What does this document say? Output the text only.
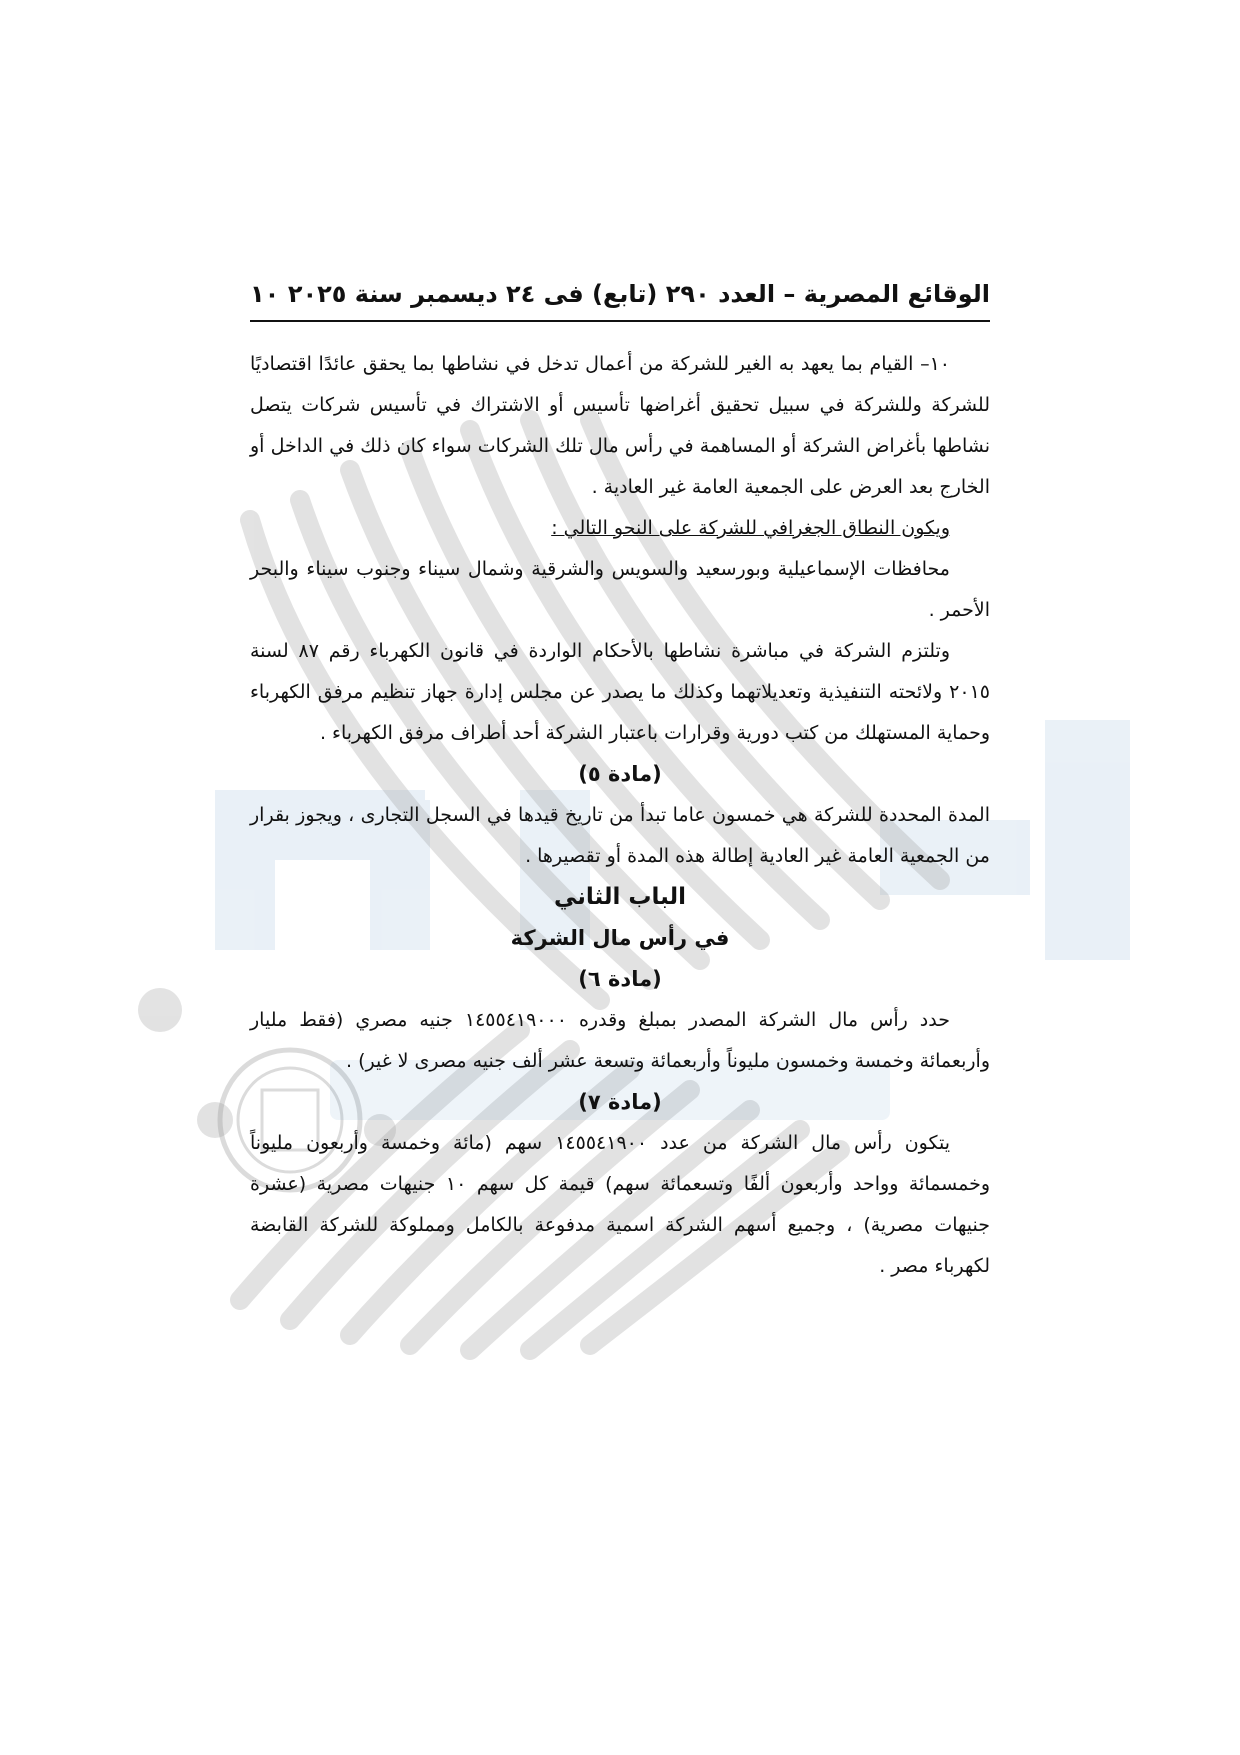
الوقائع المصرية – العدد ٢٩٠ (تابع) فى ٢٤ ديسمبر سنة ٢٠٢٥
١٠

١٠– القيام بما يعهد به الغير للشركة من أعمال تدخل في نشاطها بما يحقق عائدًا اقتصاديًا للشركة وللشركة في سبيل تحقيق أغراضها تأسيس أو الاشتراك في تأسيس شركات يتصل نشاطها بأغراض الشركة أو المساهمة في رأس مال تلك الشركات سواء كان ذلك في الداخل أو الخارج بعد العرض على الجمعية العامة غير العادية .

ويكون النطاق الجغرافي للشركة على النحو التالي :

محافظات الإسماعيلية وبورسعيد والسويس والشرقية وشمال سيناء وجنوب سيناء والبحر الأحمر .

وتلتزم الشركة في مباشرة نشاطها بالأحكام الواردة في قانون الكهرباء رقم ٨٧ لسنة ٢٠١٥ ولائحته التنفيذية وتعديلاتهما وكذلك ما يصدر عن مجلس إدارة جهاز تنظيم مرفق الكهرباء وحماية المستهلك من كتب دورية وقرارات باعتبار الشركة أحد أطراف مرفق الكهرباء .

(مادة ٥)

المدة المحددة للشركة هي خمسون عاما تبدأ من تاريخ قيدها في السجل التجارى ، ويجوز بقرار من الجمعية العامة غير العادية إطالة هذه المدة أو تقصيرها .

الباب الثاني

في رأس مال الشركة

(مادة ٦)

حدد رأس مال الشركة المصدر بمبلغ وقدره ١٤٥٥٤١٩٠٠٠ جنيه مصري (فقط مليار وأربعمائة وخمسة وخمسون مليوناً وأربعمائة وتسعة عشر ألف جنيه مصرى لا غير) .

(مادة ٧)

يتكون رأس مال الشركة من عدد ١٤٥٥٤١٩٠٠ سهم (مائة وخمسة وأربعون مليوناً وخمسمائة وواحد وأربعون ألفًا وتسعمائة سهم) قيمة كل سهم ١٠ جنيهات مصرية (عشرة جنيهات مصرية) ، وجميع أسهم الشركة اسمية مدفوعة بالكامل ومملوكة للشركة القابضة لكهرباء مصر .
